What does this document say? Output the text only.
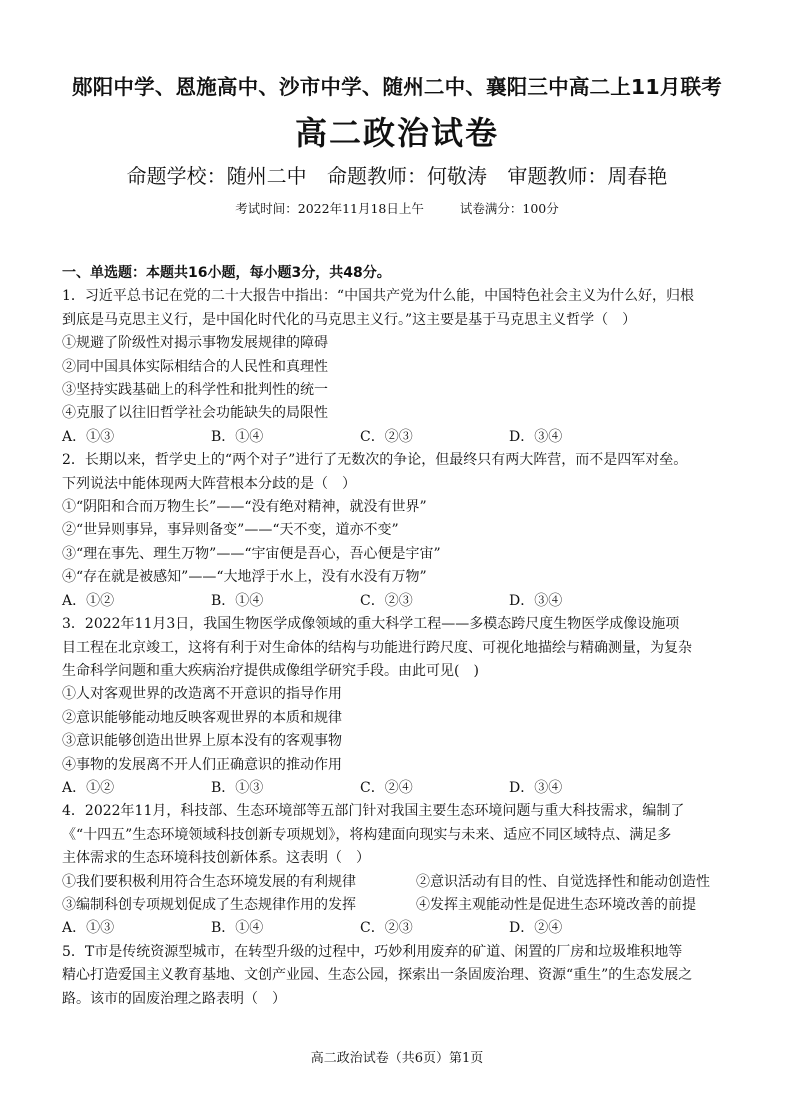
郧阳中学、恩施高中、沙市中学、随州二中、襄阳三中高二上11月联考
高二政治试卷
命题学校：随州二中 命题教师：何敬涛 审题教师：周春艳
考试时间：2022年11月18日上午	试卷满分：100分
一、单选题：本题共16小题，每小题3分，共48分。

1．习近平总书记在党的二十大报告中指出：“中国共产党为什么能，中国特色社会主义为什么好，归根

到底是马克思主义行，是中国化时代化的马克思主义行。”这主要是基于马克思主义哲学（　）

①规避了阶级性对揭示事物发展规律的障碍

②同中国具体实际相结合的人民性和真理性

③坚持实践基础上的科学性和批判性的统一

④克服了以往旧哲学社会功能缺失的局限性

A．①③	B．①④	C．②③	D．③④

2．长期以来，哲学史上的“两个对子”进行了无数次的争论，但最终只有两大阵营，而不是四军对垒。

下列说法中能体现两大阵营根本分歧的是（　）

①“阴阳和合而万物生长”——“没有绝对精神，就没有世界”

②“世异则事异，事异则备变”——“天不变，道亦不变”

③“理在事先、理生万物”——“宇宙便是吾心，吾心便是宇宙”

④“存在就是被感知”——“大地浮于水上，没有水没有万物”

A．①②	B．①④	C．②③	D．③④

3．2022年11月3日，我国生物医学成像领域的重大科学工程——多模态跨尺度生物医学成像设施项

目工程在北京竣工，这将有利于对生命体的结构与功能进行跨尺度、可视化地描绘与精确测量，为复杂

生命科学问题和重大疾病治疗提供成像组学研究手段。由此可见(　)

①人对客观世界的改造离不开意识的指导作用

②意识能够能动地反映客观世界的本质和规律

③意识能够创造出世界上原本没有的客观事物

④事物的发展离不开人们正确意识的推动作用

A．①②	B．①③	C．②④	D．③④

4．2022年11月，科技部、生态环境部等五部门针对我国主要生态环境问题与重大科技需求，编制了

《“十四五”生态环境领域科技创新专项规划》，将构建面向现实与未来、适应不同区域特点、满足多

主体需求的生态环境科技创新体系。这表明（　）

①我们要积极利用符合生态环境发展的有利规律	②意识活动有目的性、自觉选择性和能动创造性
③编制科创专项规划促成了生态规律作用的发挥	④发挥主观能动性是促进生态环境改善的前提
A．①③	B．①④	C．②③	D．②④

5．T市是传统资源型城市，在转型升级的过程中，巧妙利用废弃的矿道、闲置的厂房和垃圾堆积地等

精心打造爱国主义教育基地、文创产业园、生态公园，探索出一条固废治理、资源“重生”的生态发展之

路。该市的固废治理之路表明（　）

高二政治试卷（共6页）第1页
